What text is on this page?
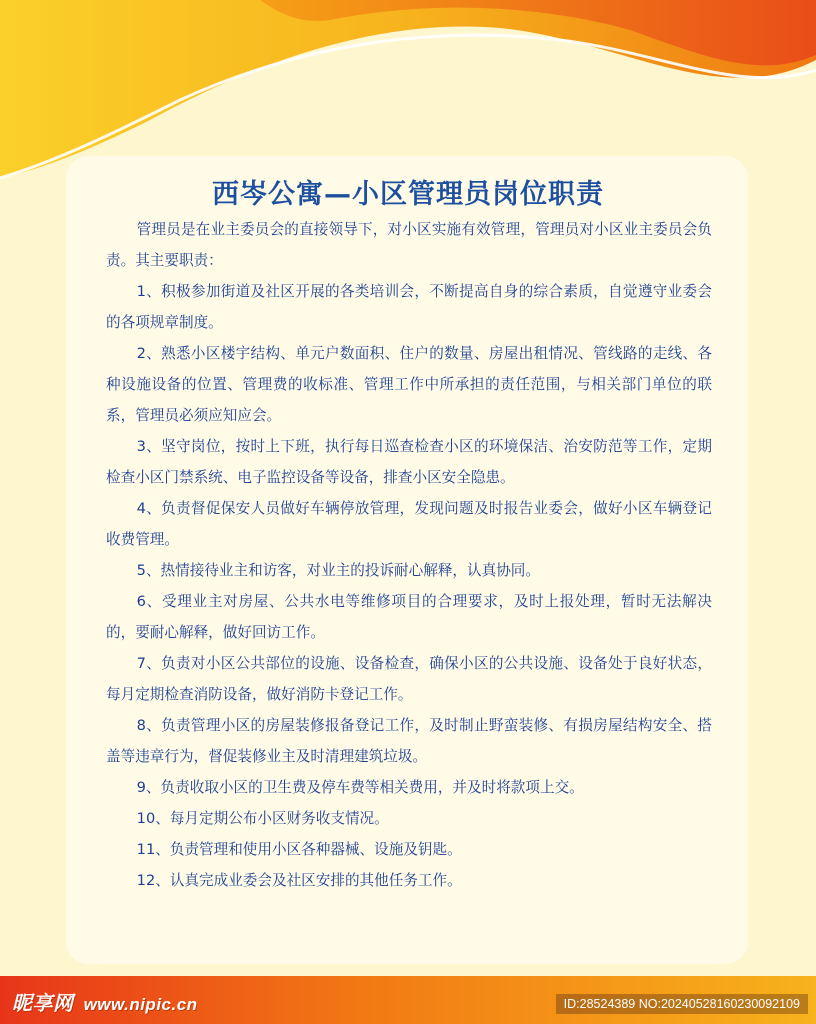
西岑公寓—小区管理员岗位职责

管理员是在业主委员会的直接领导下，对小区实施有效管理，管理员对小区业主委员会负责。其主要职责：

1、积极参加街道及社区开展的各类培训会，不断提高自身的综合素质，自觉遵守业委会的各项规章制度。

2、熟悉小区楼宇结构、单元户数面积、住户的数量、房屋出租情况、管线路的走线、各种设施设备的位置、管理费的收标准、管理工作中所承担的责任范围，与相关部门单位的联系，管理员必须应知应会。

3、坚守岗位，按时上下班，执行每日巡查检查小区的环境保洁、治安防范等工作，定期检查小区门禁系统、电子监控设备等设备，排查小区安全隐患。

4、负责督促保安人员做好车辆停放管理，发现问题及时报告业委会，做好小区车辆登记收费管理。

5、热情接待业主和访客，对业主的投诉耐心解释，认真协同。

6、受理业主对房屋、公共水电等维修项目的合理要求，及时上报处理，暂时无法解决的，要耐心解释，做好回访工作。

7、负责对小区公共部位的设施、设备检查，确保小区的公共设施、设备处于良好状态，每月定期检查消防设备，做好消防卡登记工作。

8、负责管理小区的房屋装修报备登记工作，及时制止野蛮装修、有损房屋结构安全、搭盖等违章行为，督促装修业主及时清理建筑垃圾。

9、负责收取小区的卫生费及停车费等相关费用，并及时将款项上交。

10、每月定期公布小区财务收支情况。

11、负责管理和使用小区各种器械、设施及钥匙。

12、认真完成业委会及社区安排的其他任务工作。

昵享网 www.nipic.cn	ID:28524389 NO:20240528160230092109
